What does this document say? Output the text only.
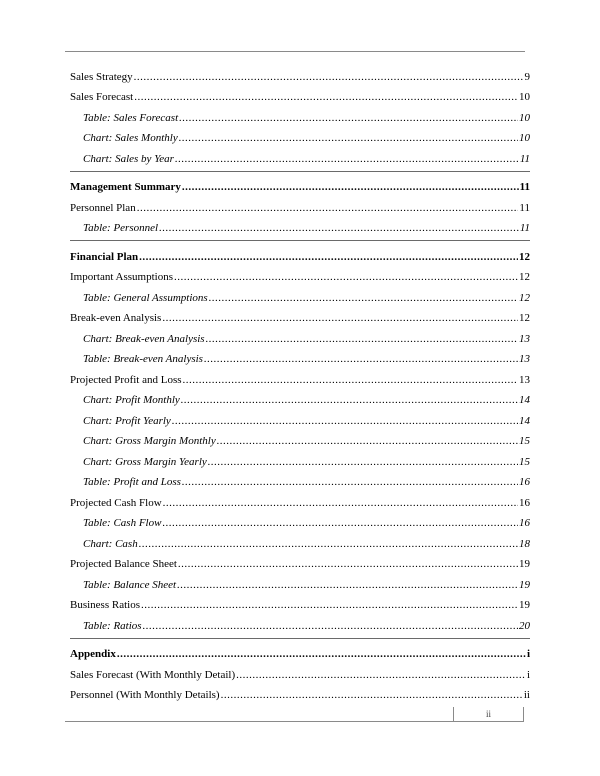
Sales Strategy .....	9
Sales Forecast .....	10
Table: Sales Forecast .....	10
Chart: Sales Monthly .....	10
Chart: Sales by Year .....	11
Management Summary .....	11
Personnel Plan .....	11
Table: Personnel .....	11
Financial Plan .....	12
Important Assumptions .....	12
Table: General Assumptions .....	12
Break-even Analysis .....	12
Chart: Break-even Analysis .....	13
Table: Break-even Analysis .....	13
Projected Profit and Loss .....	13
Chart: Profit Monthly .....	14
Chart: Profit Yearly .....	14
Chart: Gross Margin Monthly .....	15
Chart: Gross Margin Yearly .....	15
Table: Profit and Loss .....	16
Projected Cash Flow .....	16
Table: Cash Flow .....	16
Chart: Cash .....	18
Projected Balance Sheet .....	19
Table: Balance Sheet .....	19
Business Ratios .....	19
Table: Ratios .....	20
Appendix .....	i
Sales Forecast (With Monthly Detail) .....	i
Personnel (With Monthly Details) .....	ii
ii
